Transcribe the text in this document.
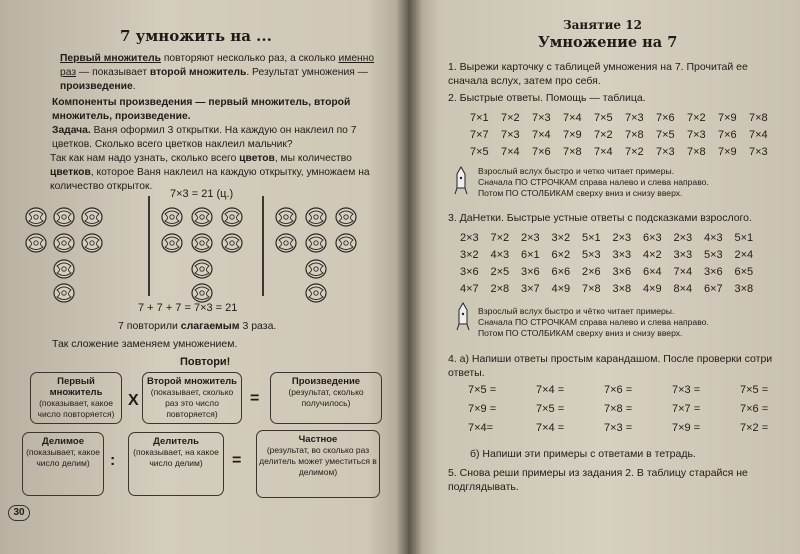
7 умножить на ...
Первый множитель повторяют несколько раз, а сколько именно раз — показывает второй множитель. Результат умножения — произведение.
Компоненты произведения — первый множитель, второй множитель, произведение.
Задача. Ваня оформил 3 открытки. На каждую он наклеил по 7 цветков. Сколько всего цветков наклеил мальчик?
Так как нам надо узнать, сколько всего цветов, мы количество цветков, которое Ваня наклеил на каждую открытку, умножаем на количество открыток.
7×3 = 21 (ц.)
7 + 7 + 7 = 7×3 = 21
7 повторили слагаемым 3 раза.
Так сложение заменяем умножением.
Повтори!
Первый множитель
(показывает, какое число повторяется)
X
Второй множитель
(показывает, сколько раз это число повторяется)
=
Произведение
(результат, сколько получилось)
Делимое
(показывает, какое число делим)	:
Делитель
(показывает, на какое число делим)	=
Частное
(результат, во сколько раз делитель может уместиться в делимом)
30
Занятие 12
Умножение на 7
1. Вырежи карточку с таблицей умножения на 7. Прочитай ее сначала вслух, затем про себя.
2. Быстрые ответы. Помощь — таблица.
7×1 7×2 7×3 7×4 7×5 7×3 7×6 7×2 7×9 7×8
7×7 7×3 7×4 7×9 7×2 7×8 7×5 7×3 7×6 7×4
7×5 7×4 7×6 7×8 7×4 7×2 7×3 7×8 7×9 7×3
Взрослый вслух быстро и четко читает примеры.
Сначала ПО СТРОЧКАМ справа налево и слева направо.
Потом ПО СТОЛБИКАМ сверху вниз и снизу вверх.
3. ДаНетки. Быстрые устные ответы с подсказками взрослого.
2×3 7×2 2×3 3×2 5×1 2×3 6×3 2×3 4×3 5×1
3×2 4×3 6×1 6×2 5×3 3×3 4×2 3×3 5×3 2×4
3×6 2×5 3×6 6×6 2×6 3×6 6×4 7×4 3×6 6×5
4×7 2×8 3×7 4×9 7×8 3×8 4×9 8×4 6×7 3×8
Взрослый вслух быстро и чётко читает примеры.
Сначала ПО СТРОЧКАМ справа налево и слева направо.
Потом ПО СТОЛБИКАМ сверху вниз и снизу вверх.
4. а) Напиши ответы простым карандашом. После проверки сотри ответы.
7×5 =	7×4 =	7×6 =	7×3 =	7×5 =
7×9 =	7×5 =	7×8 =	7×7 =	7×6 =
7×4=	7×4 =	7×3 =	7×9 =	7×2 =
б) Напиши эти примеры с ответами в тетрадь.
5. Снова реши примеры из задания 2. В таблицу старайся не подглядывать.
